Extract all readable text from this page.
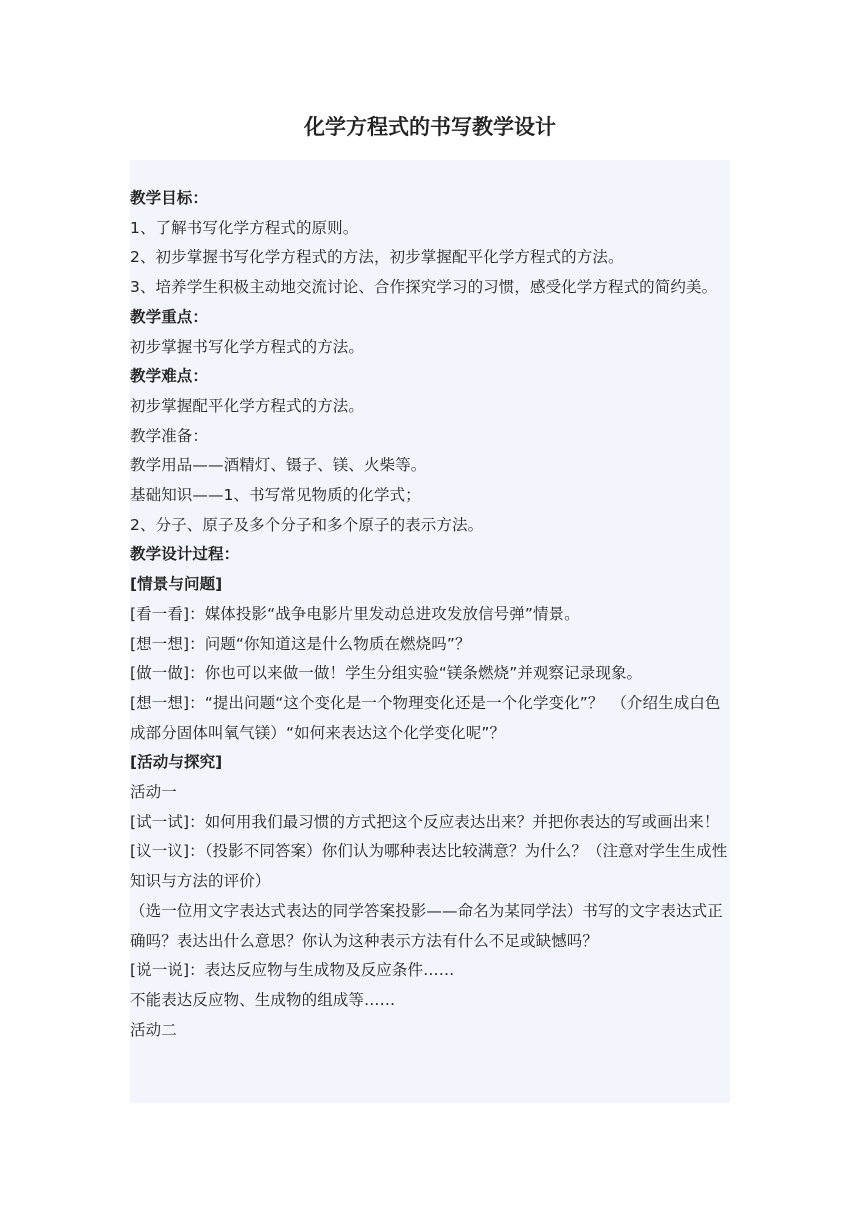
化学方程式的书写教学设计

教学目标：

1、了解书写化学方程式的原则。

2、初步掌握书写化学方程式的方法，初步掌握配平化学方程式的方法。

3、培养学生积极主动地交流讨论、合作探究学习的习惯，感受化学方程式的简约美。

教学重点：

初步掌握书写化学方程式的方法。

教学难点：

初步掌握配平化学方程式的方法。

教学准备：

教学用品——酒精灯、镊子、镁、火柴等。

基础知识——1、书写常见物质的化学式；

2、分子、原子及多个分子和多个原子的表示方法。

教学设计过程：

[情景与问题]

[看一看]：媒体投影“战争电影片里发动总进攻发放信号弹”情景。

[想一想]：问题“你知道这是什么物质在燃烧吗”？

[做一做]：你也可以来做一做！学生分组实验“镁条燃烧”并观察记录现象。

[想一想]：“提出问题“这个变化是一个物理变化还是一个化学变化”？　（介绍生成白色成部分固体叫氧气镁）“如何来表达这个化学变化呢”？

[活动与探究]

活动一

[试一试]：如何用我们最习惯的方式把这个反应表达出来？并把你表达的写或画出来！

[议一议]：（投影不同答案）你们认为哪种表达比较满意？为什么？（注意对学生生成性知识与方法的评价）

（选一位用文字表达式表达的同学答案投影——命名为某同学法）书写的文字表达式正确吗？表达出什么意思？你认为这种表示方法有什么不足或缺憾吗？

[说一说]：表达反应物与生成物及反应条件……

不能表达反应物、生成物的组成等……

活动二
